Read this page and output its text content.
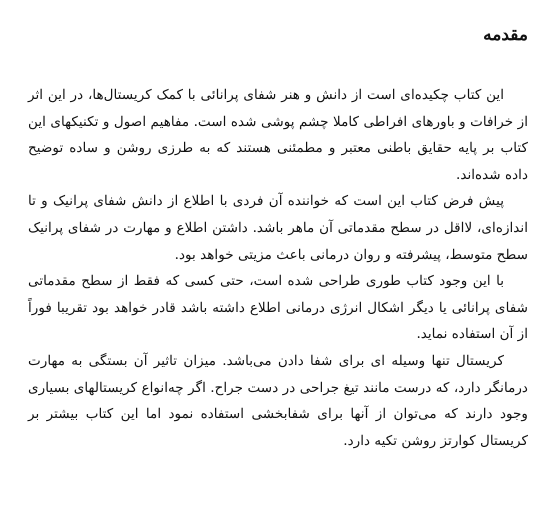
مقدمه

این کتاب چکیده‌ای است از دانش و هنر شفای پرانائی با کمک کریستال‌ها، در این اثر از خرافات و باورهای افراطی کاملا چشم پوشی شده است. مفاهیم اصول و تکنیکهای این کتاب بر پایه حقایق باطنی معتبر و مطمئنی هستند که به طرزی روشن و ساده توضیح داده شده‌اند.

پیش فرض کتاب این است که خواننده آن فردی با اطلاع از دانش شفای پرانیک و تا اندازه‌ای، لااقل در سطح مقدماتی آن ماهر باشد. داشتن اطلاع و مهارت در شفای پرانیک سطح متوسط، پیشرفته و روان درمانی باعث مزیتی خواهد بود.

با این وجود کتاب طوری طراحی شده است، حتی کسی که فقط از سطح مقدماتی شفای پرانائی یا دیگر اشکال انرژی درمانی اطلاع داشته باشد قادر خواهد بود تقریبا فوراً از آن استفاده نماید.

کریستال تنها وسیله ای برای شفا دادن می‌باشد. میزان تاثیر آن بستگی به مهارت درمانگر دارد، که درست مانند تیغ جراحی در دست جراح. اگر چه‌انواع کریستالهای بسیاری وجود دارند که می‌توان از آنها برای شفابخشی استفاده نمود اما این کتاب بیشتر بر کریستال کوارتز روشن تکیه دارد.
